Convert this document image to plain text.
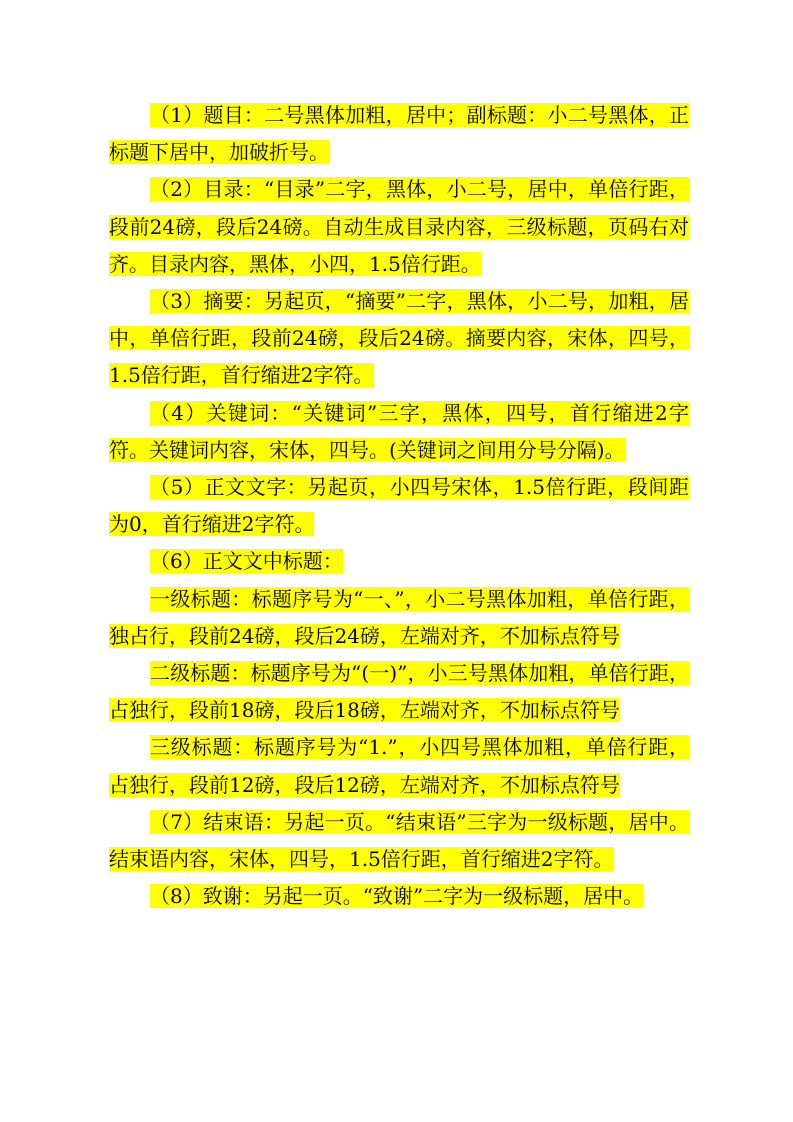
（1）题目：二号黑体加粗，居中；副标题：小二号黑体，正标题下居中，加破折号。

（2）目录：“目录”二字，黑体，小二号，居中，单倍行距，段前24磅，段后24磅。自动生成目录内容，三级标题，页码右对齐。目录内容，黑体，小四，1.5倍行距。

（3）摘要：另起页，“摘要”二字，黑体，小二号，加粗，居中，单倍行距，段前24磅，段后24磅。摘要内容，宋体，四号，1.5倍行距，首行缩进2字符。

（4）关键词：“关键词”三字，黑体，四号，首行缩进2字符。关键词内容，宋体，四号。(关键词之间用分号分隔)。

（5）正文文字：另起页，小四号宋体，1.5倍行距，段间距为0，首行缩进2字符。

（6）正文文中标题：

一级标题：标题序号为“一、”，小二号黑体加粗，单倍行距，独占行，段前24磅，段后24磅，左端对齐，不加标点符号

二级标题：标题序号为“(一)”，小三号黑体加粗，单倍行距，占独行，段前18磅，段后18磅，左端对齐，不加标点符号

三级标题：标题序号为“1.”，小四号黑体加粗，单倍行距，占独行，段前12磅，段后12磅，左端对齐，不加标点符号

（7）结束语：另起一页。“结束语”三字为一级标题，居中。结束语内容，宋体，四号，1.5倍行距，首行缩进2字符。

（8）致谢：另起一页。“致谢”二字为一级标题，居中。
